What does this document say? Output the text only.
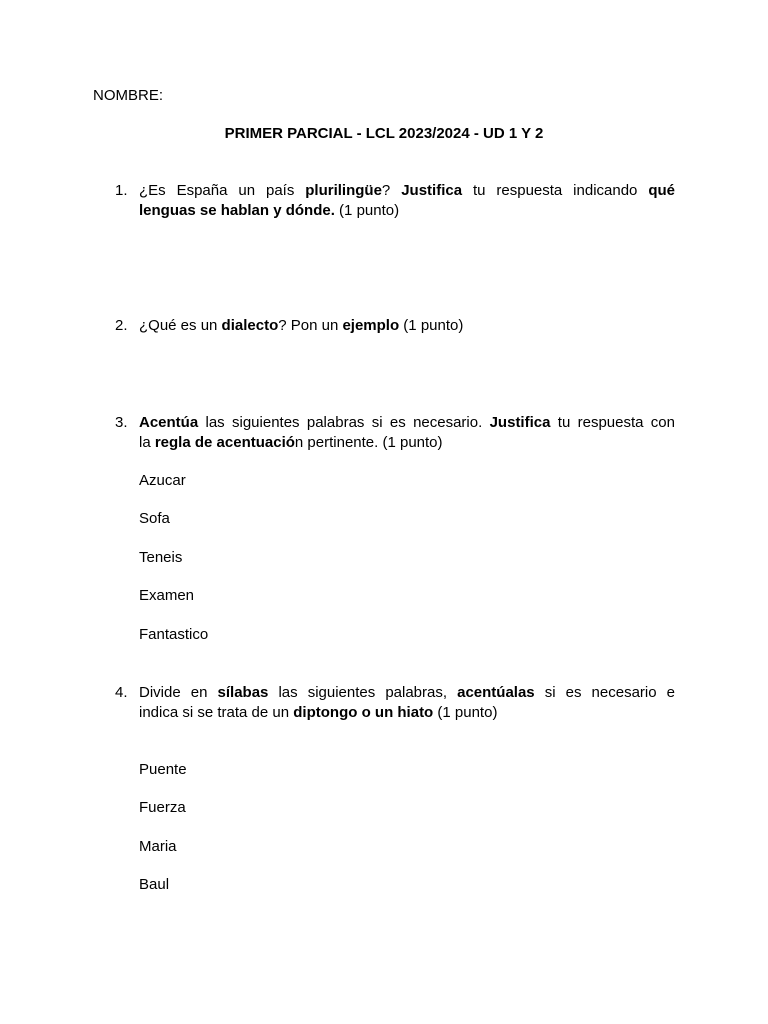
NOMBRE:
PRIMER PARCIAL - LCL 2023/2024 - UD 1 Y 2
1. ¿Es España un país plurilingüe? Justifica tu respuesta indicando qué
lenguas se hablan y dónde. (1 punto)
2. ¿Qué es un dialecto? Pon un ejemplo (1 punto)
3. Acentúa las siguientes palabras si es necesario. Justifica tu respuesta con
la regla de acentuación pertinente. (1 punto)
Azucar
Sofa
Teneis
Examen
Fantastico
4. Divide en sílabas las siguientes palabras, acentúalas si es necesario e
indica si se trata de un diptongo o un hiato (1 punto)
Puente
Fuerza
Maria
Baul
